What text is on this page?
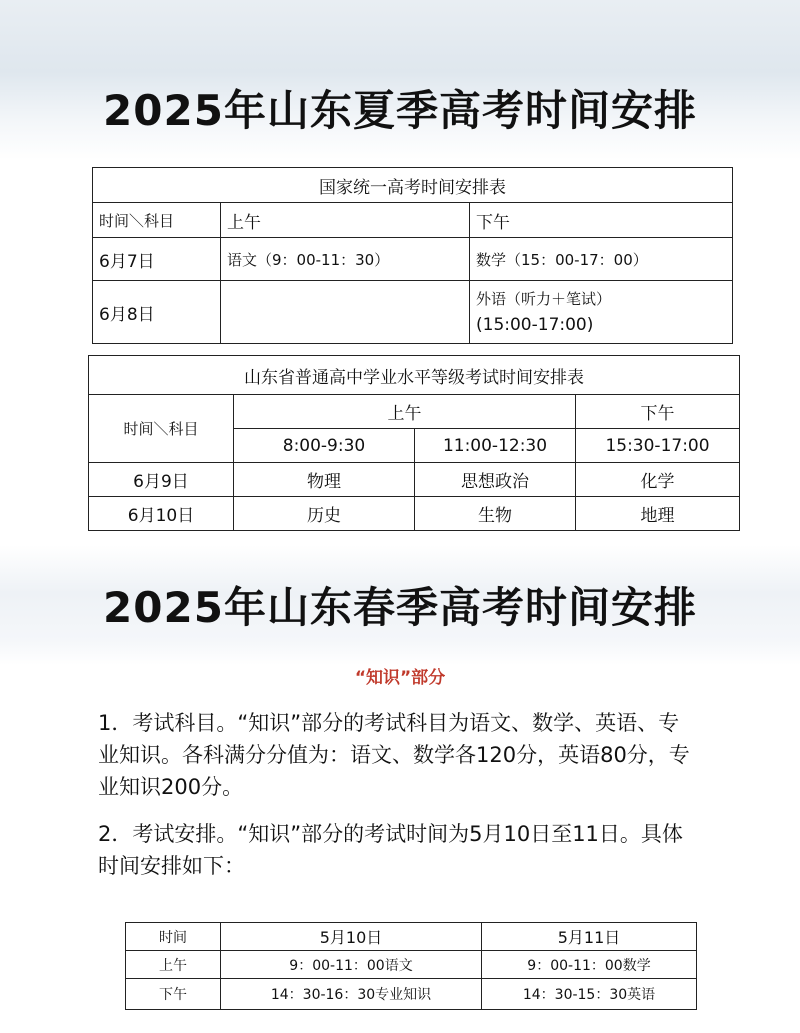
2025年山东夏季高考时间安排
国家统一高考时间安排表		
时间＼科目	上午	下午
6月7日	语文（9：00-11：30）	数学（15：00-17：00）
6月8日		外语（听力＋笔试）
(15:00-17:00)
山东省普通高中学业水平等级考试时间安排表			
时间＼科目	上午		下午
	8:00-9:30	11:00-12:30	15:30-17:00
6月9日	物理	思想政治	化学
6月10日	历史	生物	地理
2025年山东春季高考时间安排
“知识”部分
1．考试科目。“知识”部分的考试科目为语文、数学、英语、专业知识。各科满分分值为：语文、数学各120分，英语80分，专业知识200分。
2．考试安排。“知识”部分的考试时间为5月10日至11日。具体时间安排如下：
时间	5月10日	5月11日
上午	9：00-11：00语文	9：00-11：00数学
下午	14：30-16：30专业知识	14：30-15：30英语
